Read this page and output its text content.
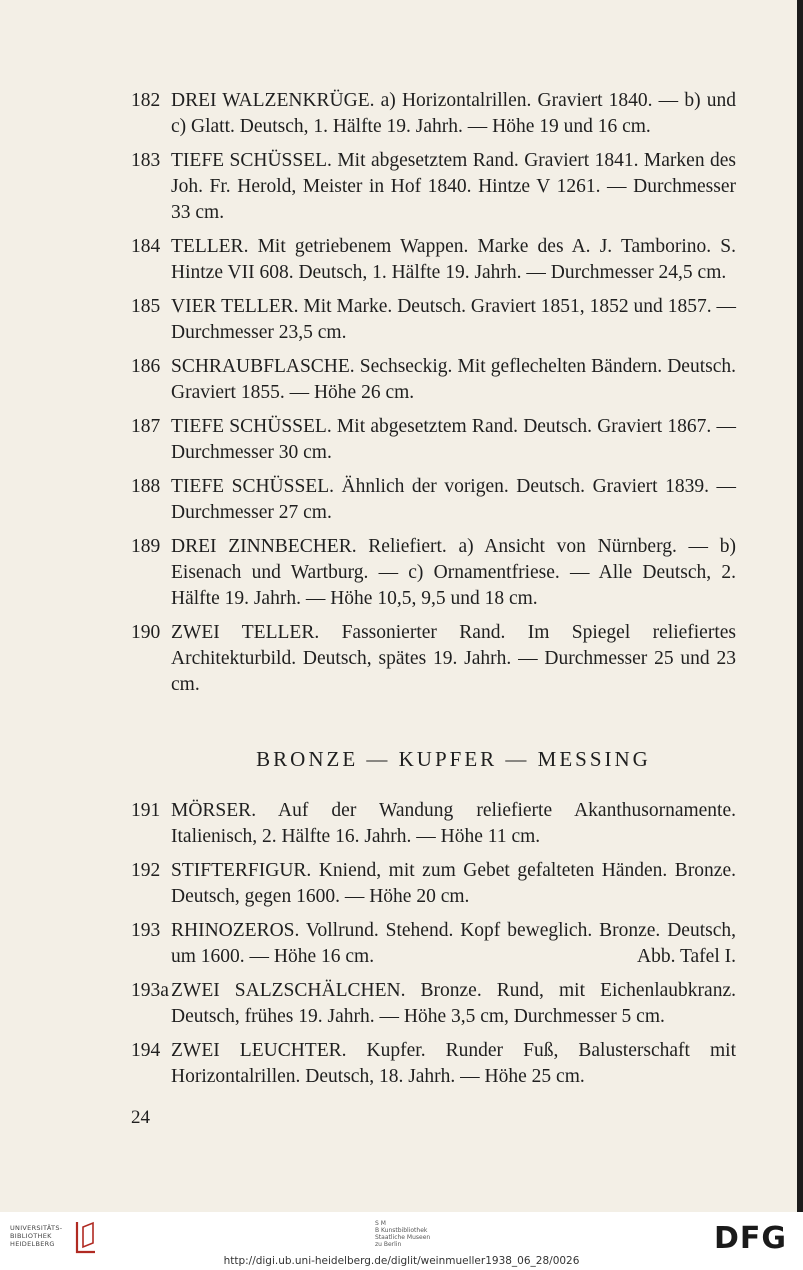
182 DREI WALZENKRÜGE. a) Horizontalrillen. Graviert 1840. — b) und c) Glatt. Deutsch, 1. Hälfte 19. Jahrh. — Höhe 19 und 16 cm.
183 TIEFE SCHÜSSEL. Mit abgesetztem Rand. Graviert 1841. Marken des Joh. Fr. Herold, Meister in Hof 1840. Hintze V 1261. — Durchmesser 33 cm.
184 TELLER. Mit getriebenem Wappen. Marke des A. J. Tamborino. S. Hintze VII 608. Deutsch, 1. Hälfte 19. Jahrh. — Durchmesser 24,5 cm.
185 VIER TELLER. Mit Marke. Deutsch. Graviert 1851, 1852 und 1857. — Durchmesser 23,5 cm.
186 SCHRAUBFLASCHE. Sechseckig. Mit geflechelten Bändern. Deutsch. Graviert 1855. — Höhe 26 cm.
187 TIEFE SCHÜSSEL. Mit abgesetztem Rand. Deutsch. Graviert 1867. — Durchmesser 30 cm.
188 TIEFE SCHÜSSEL. Ähnlich der vorigen. Deutsch. Graviert 1839. — Durchmesser 27 cm.
189 DREI ZINNBECHER. Reliefiert. a) Ansicht von Nürnberg. — b) Eisenach und Wartburg. — c) Ornamentfriese. — Alle Deutsch, 2. Hälfte 19. Jahrh. — Höhe 10,5, 9,5 und 18 cm.
190 ZWEI TELLER. Fassonierter Rand. Im Spiegel reliefiertes Architekturbild. Deutsch, spätes 19. Jahrh. — Durchmesser 25 und 23 cm.
BRONZE — KUPFER — MESSING
191 MÖRSER. Auf der Wandung reliefierte Akanthusornamente. Italienisch, 2. Hälfte 16. Jahrh. — Höhe 11 cm.
192 STIFTERFIGUR. Kniend, mit zum Gebet gefalteten Händen. Bronze. Deutsch, gegen 1600. — Höhe 20 cm.
193 RHINOZEROS. Vollrund. Stehend. Kopf beweglich. Bronze. Deutsch, um 1600. — Höhe 16 cm.	Abb. Tafel I.
193a ZWEI SALZSCHÄLCHEN. Bronze. Rund, mit Eichenlaubkranz. Deutsch, frühes 19. Jahrh. — Höhe 3,5 cm, Durchmesser 5 cm.
194 ZWEI LEUCHTER. Kupfer. Runder Fuß, Balusterschaft mit Horizontalrillen. Deutsch, 18. Jahrh. — Höhe 25 cm.
24
UNIVERSITÄTS-
BIBLIOTHEK
HEIDELBERG
S M
B Kunstbibliothek
Staatliche Museen
zu Berlin	DFG
http://digi.ub.uni-heidelberg.de/diglit/weinmueller1938_06_28/0026
